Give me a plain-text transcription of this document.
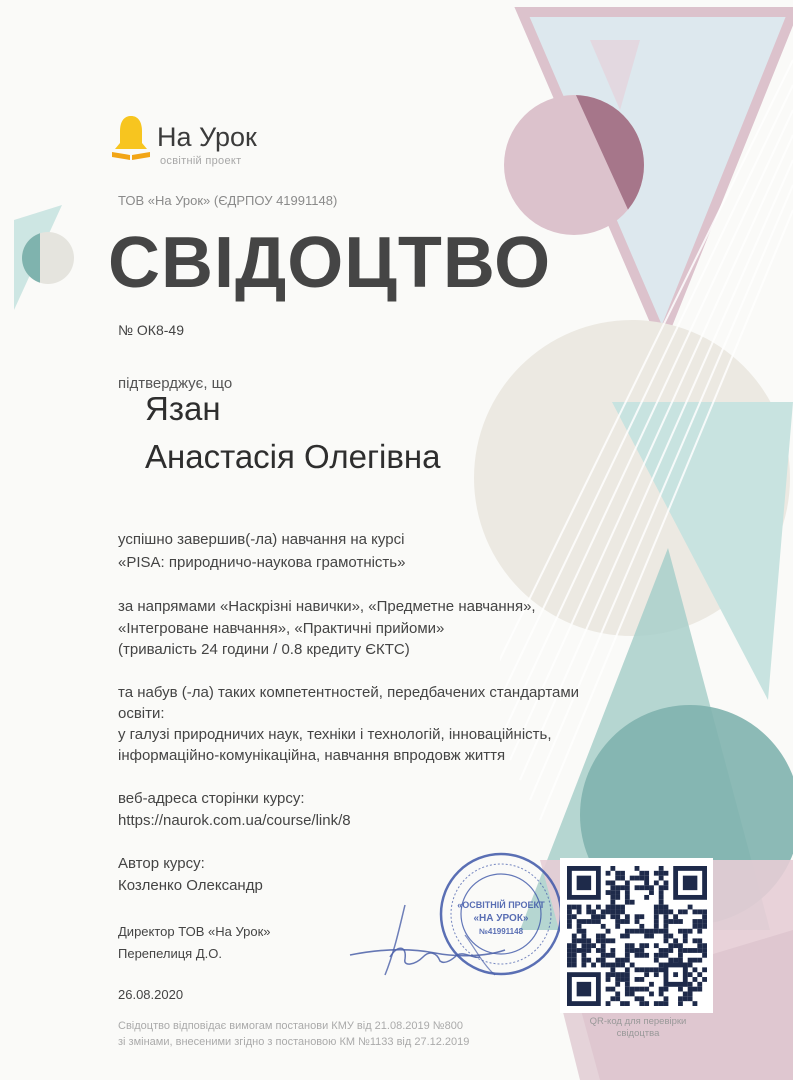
На Урок
освітній проект
ТОВ «На Урок» (ЄДРПОУ 41991148)
СВІДОЦТВО
№ ОК8-49
підтверджує, що
Язан
Анастасія Олегівна
успішно завершив(-ла) навчання на курсі
«PISA: природничо-наукова грамотність»
за напрямами «Наскрізні навички», «Предметне навчання»,
«Інтегроване навчання», «Практичні прийоми»
(тривалість 24 години / 0.8 кредиту ЄКТС)
та набув (-ла) таких компетентностей, передбачених стандартами
освіти:
у галузі природничих наук, техніки і технологій, інноваційність,
інформаційно-комунікаційна, навчання впродовж життя
веб-адреса сторінки курсу:
https://naurok.com.ua/course/link/8
Автор курсу:
Козленко Олександр
Директор ТОВ «На Урок»
Перепелиця Д.О.
26.08.2020
Свідоцтво відповідає вимогам постанови КМУ від 21.08.2019 №800
зі змінами, внесеними згідно з постановою КМ №1133 від 27.12.2019
«ОСВІТНІЙ ПРОЕКТ
«НА УРОК»
№41991148
QR-код для перевірки свідоцтва
